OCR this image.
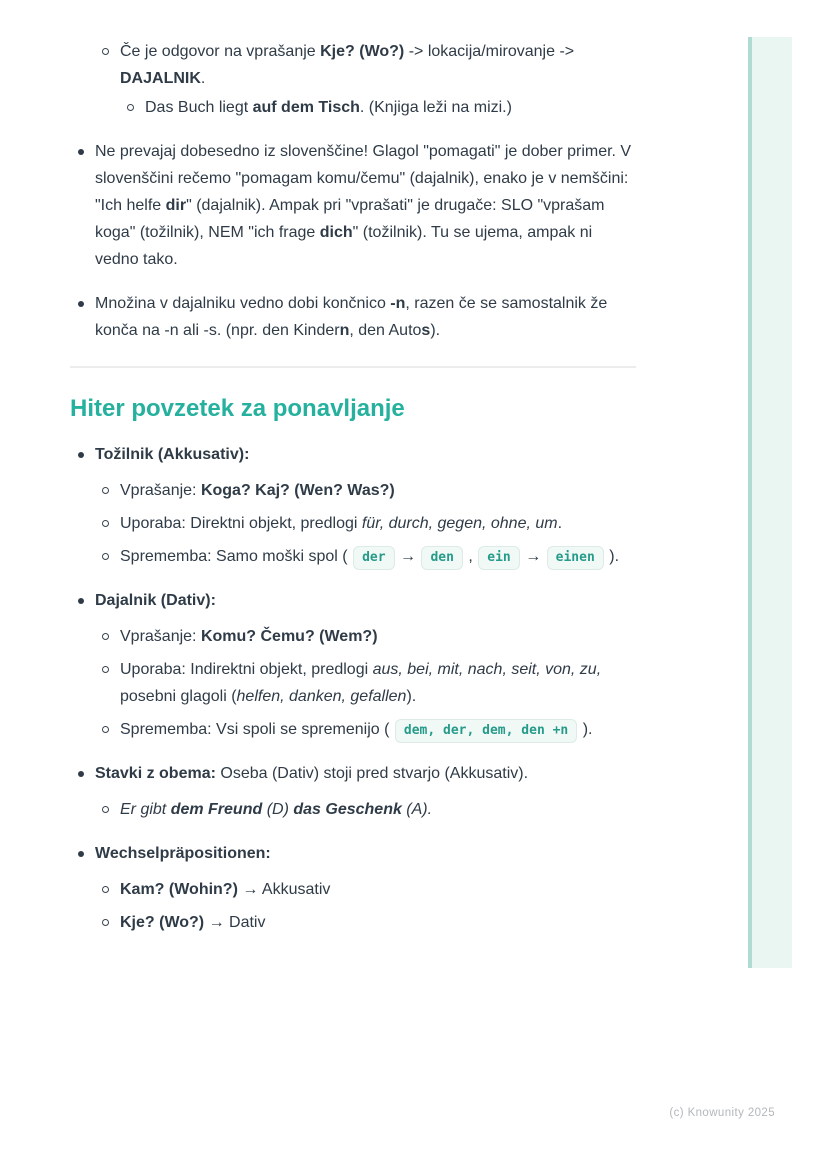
Če je odgovor na vprašanje Kje? (Wo?) -> lokacija/mirovanje -> DAJALNIK.
Das Buch liegt auf dem Tisch. (Knjiga leži na mizi.)
Ne prevajaj dobesedno iz slovenščine! Glagol "pomagati" je dober primer. V slovenščini rečemo "pomagam komu/čemu" (dajalnik), enako je v nemščini: "Ich helfe dir" (dajalnik). Ampak pri "vprašati" je drugače: SLO "vprašam koga" (tožilnik), NEM "ich frage dich" (tožilnik). Tu se ujema, ampak ni vedno tako.
Množina v dajalniku vedno dobi končnico -n, razen če se samostalnik že konča na -n ali -s. (npr. den Kindern, den Autos).
Hiter povzetek za ponavljanje
Tožilnik (Akkusativ):
Vprašanje: Koga? Kaj? (Wen? Was?)
Uporaba: Direktni objekt, predlogi für, durch, gegen, ohne, um.
Sprememba: Samo moški spol ( der → den , ein → einen ).
Dajalnik (Dativ):
Vprašanje: Komu? Čemu? (Wem?)
Uporaba: Indirektni objekt, predlogi aus, bei, mit, nach, seit, von, zu, posebni glagoli (helfen, danken, gefallen).
Sprememba: Vsi spoli se spremenijo ( dem, der, dem, den +n ).
Stavki z obema: Oseba (Dativ) stoji pred stvarjo (Akkusativ).
Er gibt dem Freund (D) das Geschenk (A).
Wechselpräpositionen:
Kam? (Wohin?) → Akkusativ
Kje? (Wo?) → Dativ
(c) Knowunity 2025
